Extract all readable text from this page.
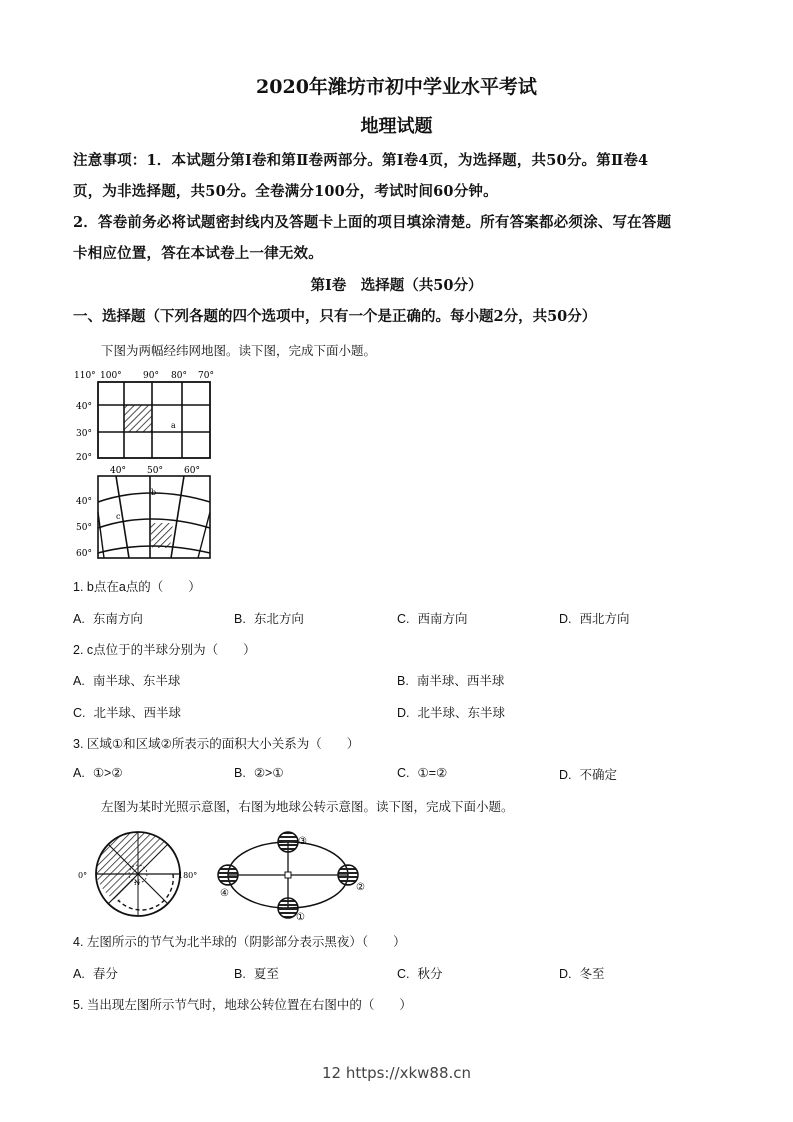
2020年潍坊市初中学业水平考试
地理试题
注意事项：1．本试题分第Ⅰ卷和第Ⅱ卷两部分。第Ⅰ卷4页，为选择题，共50分。第Ⅱ卷4
页，为非选择题，共50分。全卷满分100分，考试时间60分钟。
2．答卷前务必将试题密封线内及答题卡上面的项目填涂清楚。所有答案都必须涂、写在答题
卡相应位置，答在本试卷上一律无效。
第Ⅰ卷　选择题（共50分）
一、选择题（下列各题的四个选项中，只有一个是正确的。每小题2分，共50分）
下图为两幅经纬网地图。读下图，完成下面小题。
110° 100° 90° 80° 70°
40°
30°
20°
a
40° 50° 60°
40°
50°
60°
b
c
1. b点在a点的（　　）
A. 东南方向	B. 东北方向	C. 西南方向	D. 西北方向
2. c点位于的半球分别为（　　）
A. 南半球、东半球	B. 南半球、西半球
C. 北半球、西半球	D. 北半球、东半球
3. 区域①和区域②所表示的面积大小关系为（　　）
A. ①>②	B. ②>①	C. ①=②	D. 不确定
左图为某时光照示意图，右图为地球公转示意图。读下图，完成下面小题。
0°	180°
N
③
②
①
④
4. 左图所示的节气为北半球的（阴影部分表示黑夜）（　　）
A. 春分	B. 夏至	C. 秋分	D. 冬至
5. 当出现左图所示节气时，地球公转位置在右图中的（　　）
12 https://xkw88.cn
